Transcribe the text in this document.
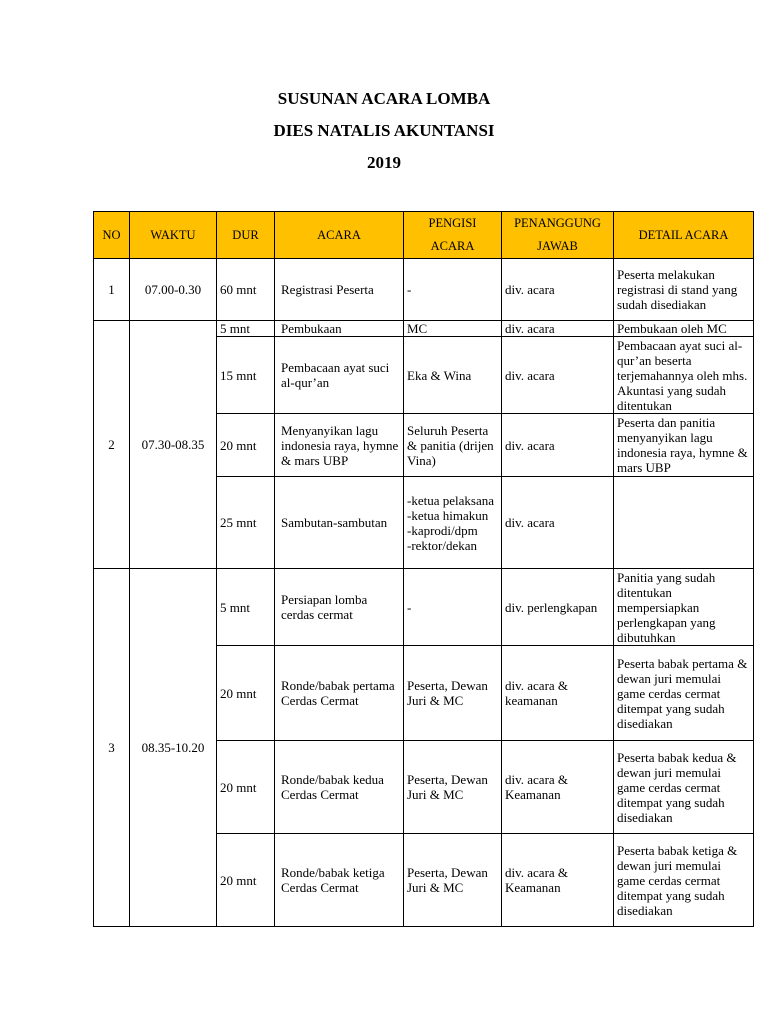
SUSUNAN ACARA LOMBA
DIES NATALIS AKUNTANSI
2019
NO	WAKTU	DUR	ACARA	PENGISI ACARA	PENANGGUNG JAWAB	DETAIL ACARA
1	07.00-0.30	60 mnt	Registrasi Peserta	-	div. acara	Peserta melakukan registrasi di stand yang sudah disediakan
2	07.30-08.35	5 mnt	Pembukaan	MC	div. acara	Pembukaan oleh MC
		15 mnt	Pembacaan ayat suci al-qur’an	Eka & Wina	div. acara	Pembacaan ayat suci al-qur’an beserta terjemahannya oleh mhs. Akuntasi yang sudah ditentukan
		20 mnt	Menyanyikan lagu indonesia raya, hymne & mars UBP	Seluruh Peserta & panitia (drijen Vina)	div. acara	Peserta dan panitia menyanyikan lagu indonesia raya, hymne & mars UBP
		25 mnt	Sambutan-sambutan	-ketua pelaksana
-ketua himakun
-kaprodi/dpm
-rektor/dekan	div. acara	
3	08.35-10.20	5 mnt	Persiapan lomba cerdas cermat	-	div. perlengkapan	Panitia yang sudah ditentukan mempersiapkan perlengkapan yang dibutuhkan
		20 mnt	Ronde/babak pertama Cerdas Cermat	Peserta, Dewan Juri & MC	div. acara & keamanan	Peserta babak pertama & dewan juri memulai game cerdas cermat ditempat yang sudah disediakan
		20 mnt	Ronde/babak kedua Cerdas Cermat	Peserta, Dewan Juri & MC	div. acara & Keamanan	Peserta babak kedua & dewan juri memulai game cerdas cermat ditempat yang sudah disediakan
		20 mnt	Ronde/babak ketiga Cerdas Cermat	Peserta, Dewan Juri & MC	div. acara & Keamanan	Peserta babak ketiga & dewan juri memulai game cerdas cermat ditempat yang sudah disediakan
